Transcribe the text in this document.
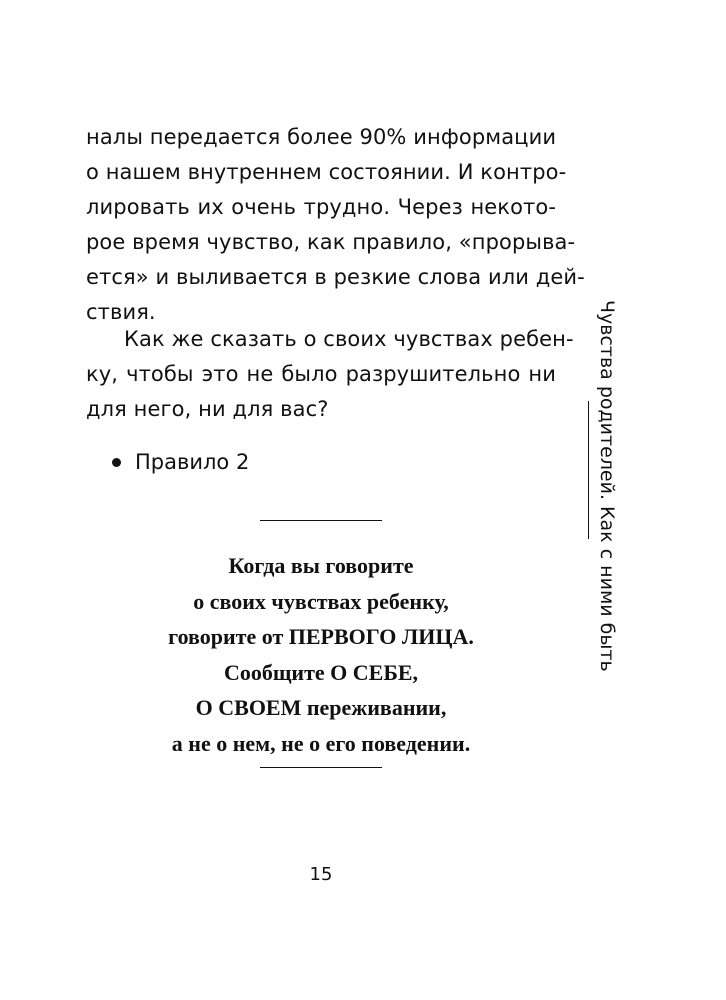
налы передается более 90% информации
о нашем внутреннем состоянии. И контро-
лировать их очень трудно. Через некото-
рое время чувство, как правило, «прорыва-
ется» и выливается в резкие слова или дей-
ствия.
Как же сказать о своих чувствах ребен-
ку, чтобы это не было разрушительно ни
для него, ни для вас?
Правило 2
Когда вы говорите
о своих чувствах ребенку,
говорите от ПЕРВОГО ЛИЦА.
Сообщите О СЕБЕ,
О СВОЕМ переживании,
а не о нем, не о его поведении.
15
Чувства родителей. Как с ними быть
